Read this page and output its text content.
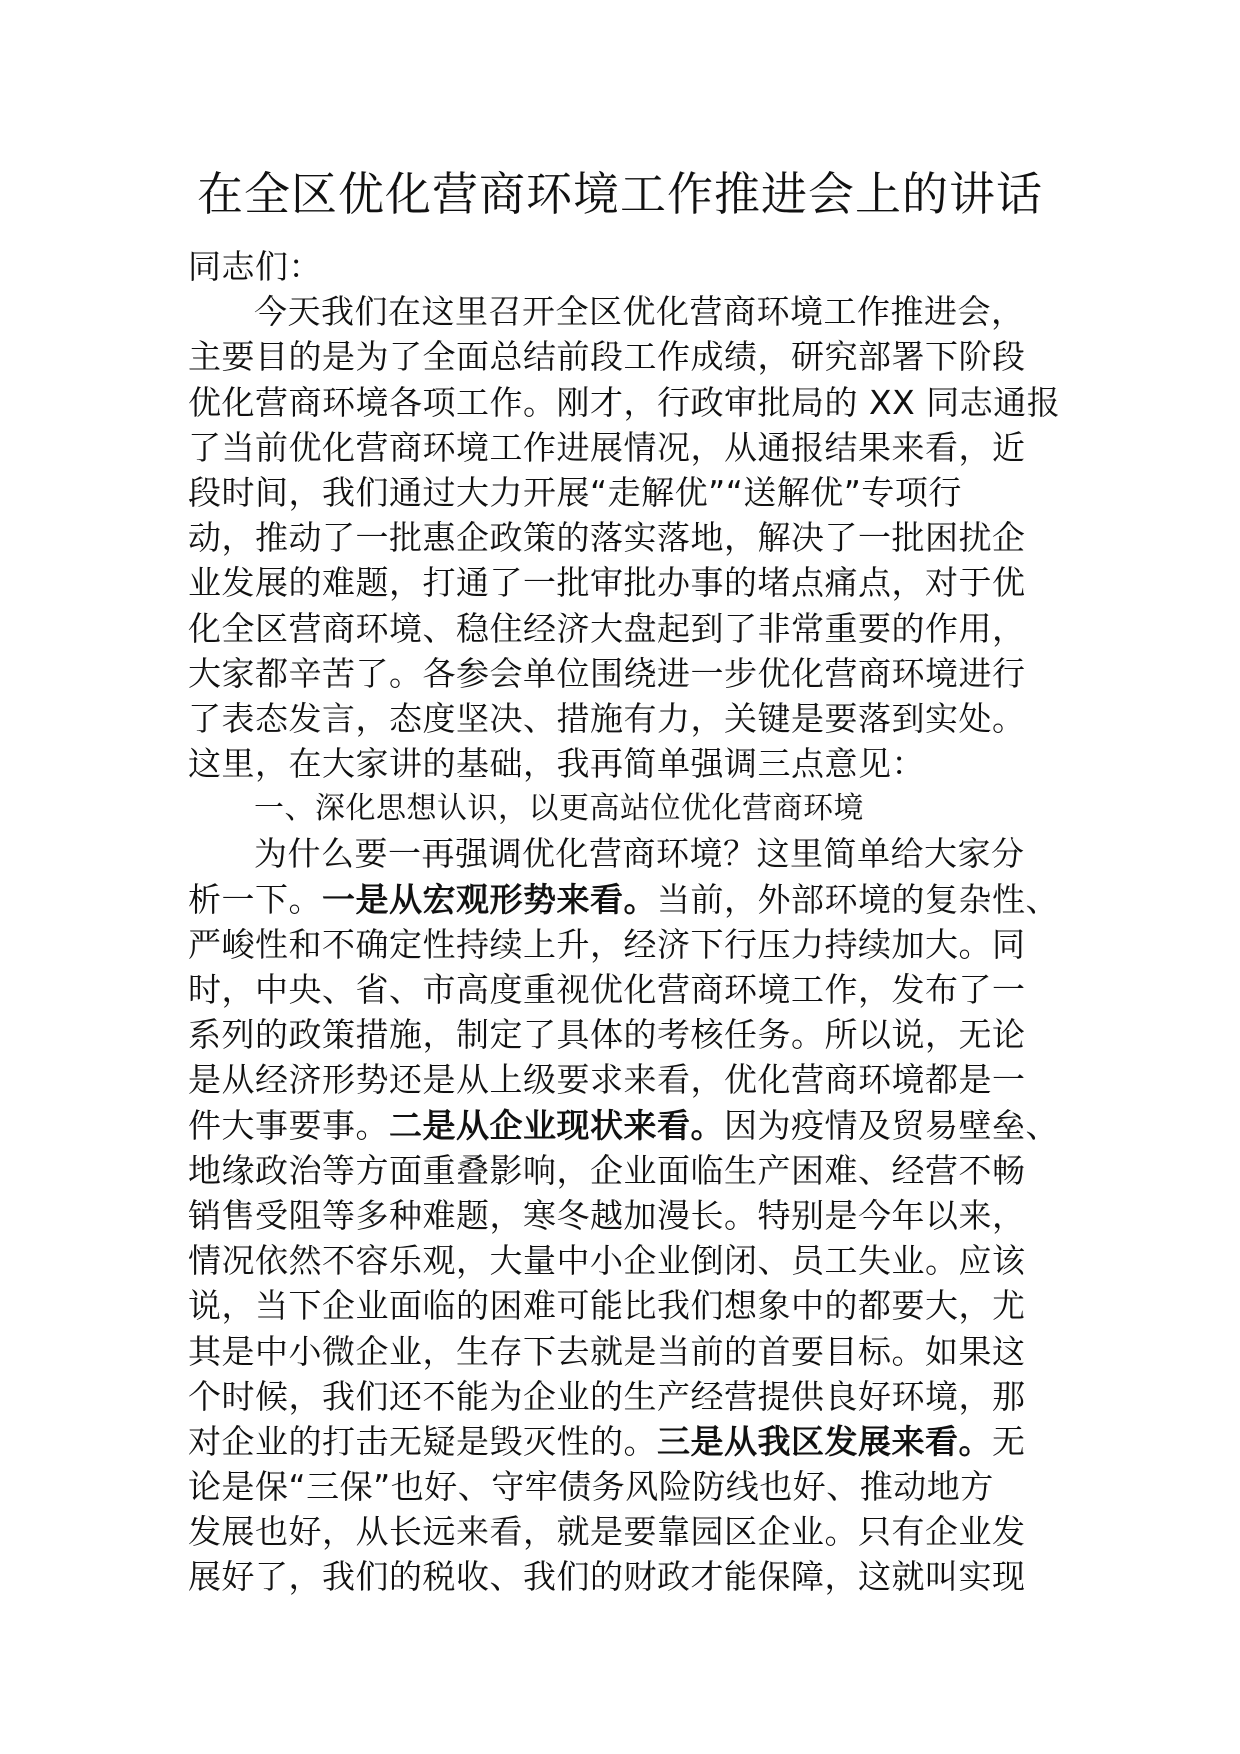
在全区优化营商环境工作推进会上的讲话
同志们：
今天我们在这里召开全区优化营商环境工作推进会，
主要目的是为了全面总结前段工作成绩，研究部署下阶段
优化营商环境各项工作。刚才，行政审批局的 XX 同志通报
了当前优化营商环境工作进展情况，从通报结果来看，近
段时间，我们通过大力开展“走解优”“送解优”专项行
动，推动了一批惠企政策的落实落地，解决了一批困扰企
业发展的难题，打通了一批审批办事的堵点痛点，对于优
化全区营商环境、稳住经济大盘起到了非常重要的作用，
大家都辛苦了。各参会单位围绕进一步优化营商环境进行
了表态发言，态度坚决、措施有力，关键是要落到实处。
这里，在大家讲的基础，我再简单强调三点意见：
一、深化思想认识，以更高站位优化营商环境
为什么要一再强调优化营商环境？这里简单给大家分
析一下。一是从宏观形势来看。当前，外部环境的复杂性、
严峻性和不确定性持续上升，经济下行压力持续加大。同
时，中央、省、市高度重视优化营商环境工作，发布了一
系列的政策措施，制定了具体的考核任务。所以说，无论
是从经济形势还是从上级要求来看，优化营商环境都是一
件大事要事。二是从企业现状来看。因为疫情及贸易壁垒、
地缘政治等方面重叠影响，企业面临生产困难、经营不畅
销售受阻等多种难题，寒冬越加漫长。特别是今年以来，
情况依然不容乐观，大量中小企业倒闭、员工失业。应该
说，当下企业面临的困难可能比我们想象中的都要大，尤
其是中小微企业，生存下去就是当前的首要目标。如果这
个时候，我们还不能为企业的生产经营提供良好环境，那
对企业的打击无疑是毁灭性的。三是从我区发展来看。无
论是保“三保”也好、守牢债务风险防线也好、推动地方
发展也好，从长远来看，就是要靠园区企业。只有企业发
展好了，我们的税收、我们的财政才能保障，这就叫实现
